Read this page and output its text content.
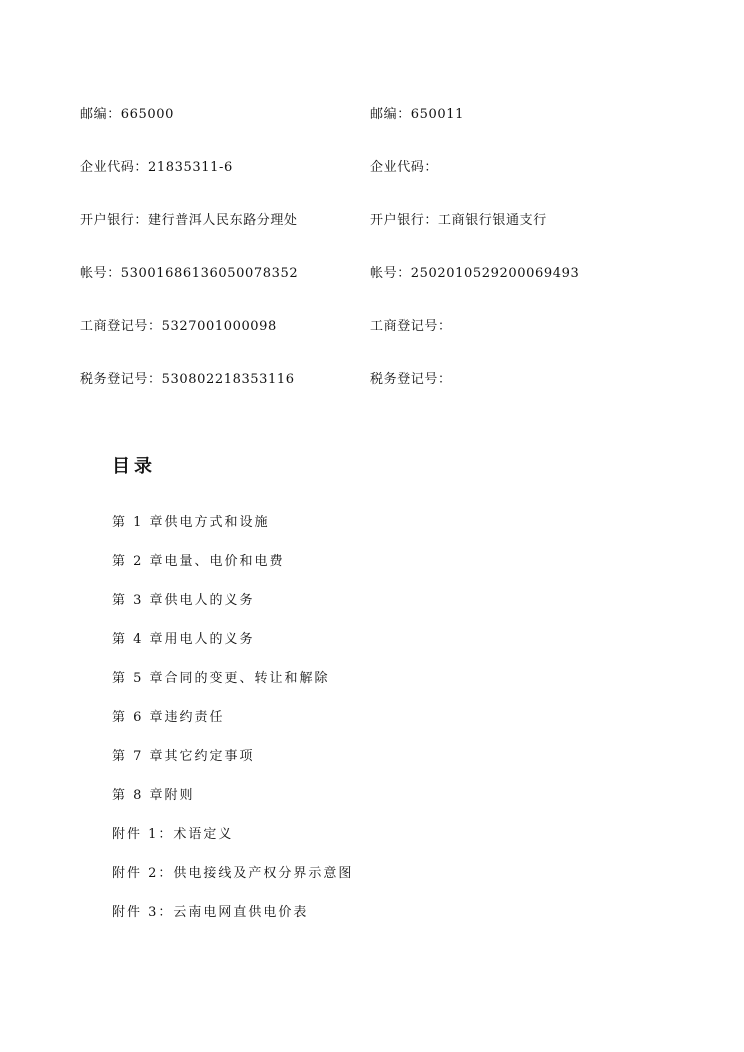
邮编：665000	邮编：650011
企业代码：21835311-6	企业代码：
开户银行：建行普洱人民东路分理处	开户银行：工商银行银通支行
帐号：53001686136050078352	帐号：2502010529200069493
工商登记号：5327001000098	工商登记号：
税务登记号：530802218353116	税务登记号：
目录
第 1 章供电方式和设施
第 2 章电量、电价和电费
第 3 章供电人的义务
第 4 章用电人的义务
第 5 章合同的变更、转让和解除
第 6 章违约责任
第 7 章其它约定事项
第 8 章附则
附件 1：术语定义
附件 2：供电接线及产权分界示意图
附件 3：云南电网直供电价表
